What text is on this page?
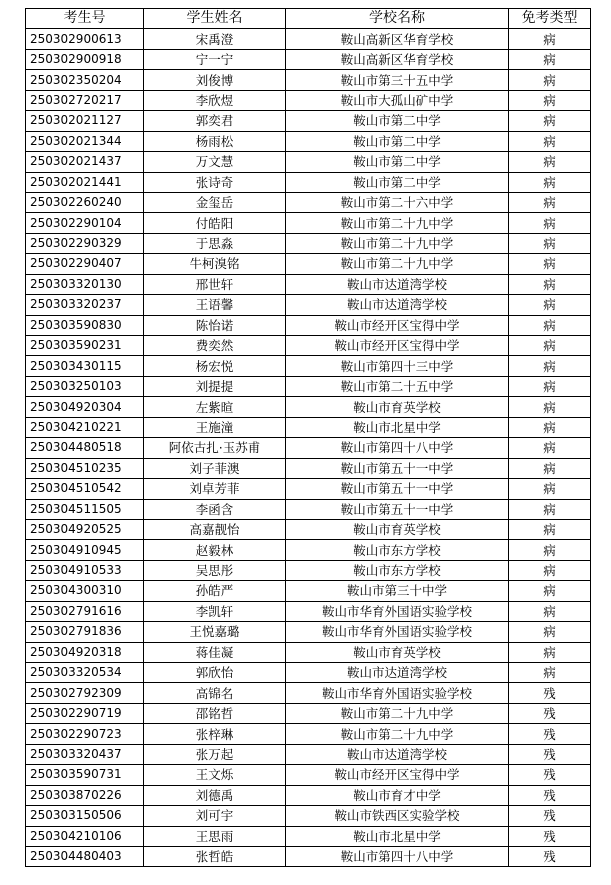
考生号	学生姓名	学校名称	免考类型
250302900613	宋禹澄	鞍山高新区华育学校	病
250302900918	宁一宁	鞍山高新区华育学校	病
250302350204	刘俊博	鞍山市第三十五中学	病
250302720217	李欣煜	鞍山市大孤山矿中学	病
250302021127	郭奕君	鞍山市第二中学	病
250302021344	杨雨松	鞍山市第二中学	病
250302021437	万文慧	鞍山市第二中学	病
250302021441	张诗奇	鞍山市第二中学	病
250302260240	金玺岳	鞍山市第二十六中学	病
250302290104	付皓阳	鞍山市第二十九中学	病
250302290329	于思淼	鞍山市第二十九中学	病
250302290407	牛柯溴铭	鞍山市第二十九中学	病
250303320130	邢世轩	鞍山市达道湾学校	病
250303320237	王语馨	鞍山市达道湾学校	病
250303590830	陈怡诺	鞍山市经开区宝得中学	病
250303590231	费奕然	鞍山市经开区宝得中学	病
250303430115	杨宏悦	鞍山市第四十三中学	病
250303250103	刘提提	鞍山市第二十五中学	病
250304920304	左紫暄	鞍山市育英学校	病
250304210221	王施潼	鞍山市北星中学	病
250304480518	阿依古扎·玉苏甫	鞍山市第四十八中学	病
250304510235	刘子菲澳	鞍山市第五十一中学	病
250304510542	刘卓芳菲	鞍山市第五十一中学	病
250304511505	李函含	鞍山市第五十一中学	病
250304920525	高嘉靓怡	鞍山市育英学校	病
250304910945	赵毅林	鞍山市东方学校	病
250304910533	吴思彤	鞍山市东方学校	病
250304300310	孙皓严	鞍山市第三十中学	病
250302791616	李凯轩	鞍山市华育外国语实验学校	病
250302791836	王悦嘉璐	鞍山市华育外国语实验学校	病
250304920318	蒋佳凝	鞍山市育英学校	病
250303320534	郭欣怡	鞍山市达道湾学校	病
250302792309	高锦名	鞍山市华育外国语实验学校	残
250302290719	邵铭哲	鞍山市第二十九中学	残
250302290723	张梓琳	鞍山市第二十九中学	残
250303320437	张万起	鞍山市达道湾学校	残
250303590731	王文烁	鞍山市经开区宝得中学	残
250303870226	刘德禹	鞍山市育才中学	残
250303150506	刘可宇	鞍山市铁西区实验学校	残
250304210106	王思雨	鞍山市北星中学	残
250304480403	张哲皓	鞍山市第四十八中学	残
